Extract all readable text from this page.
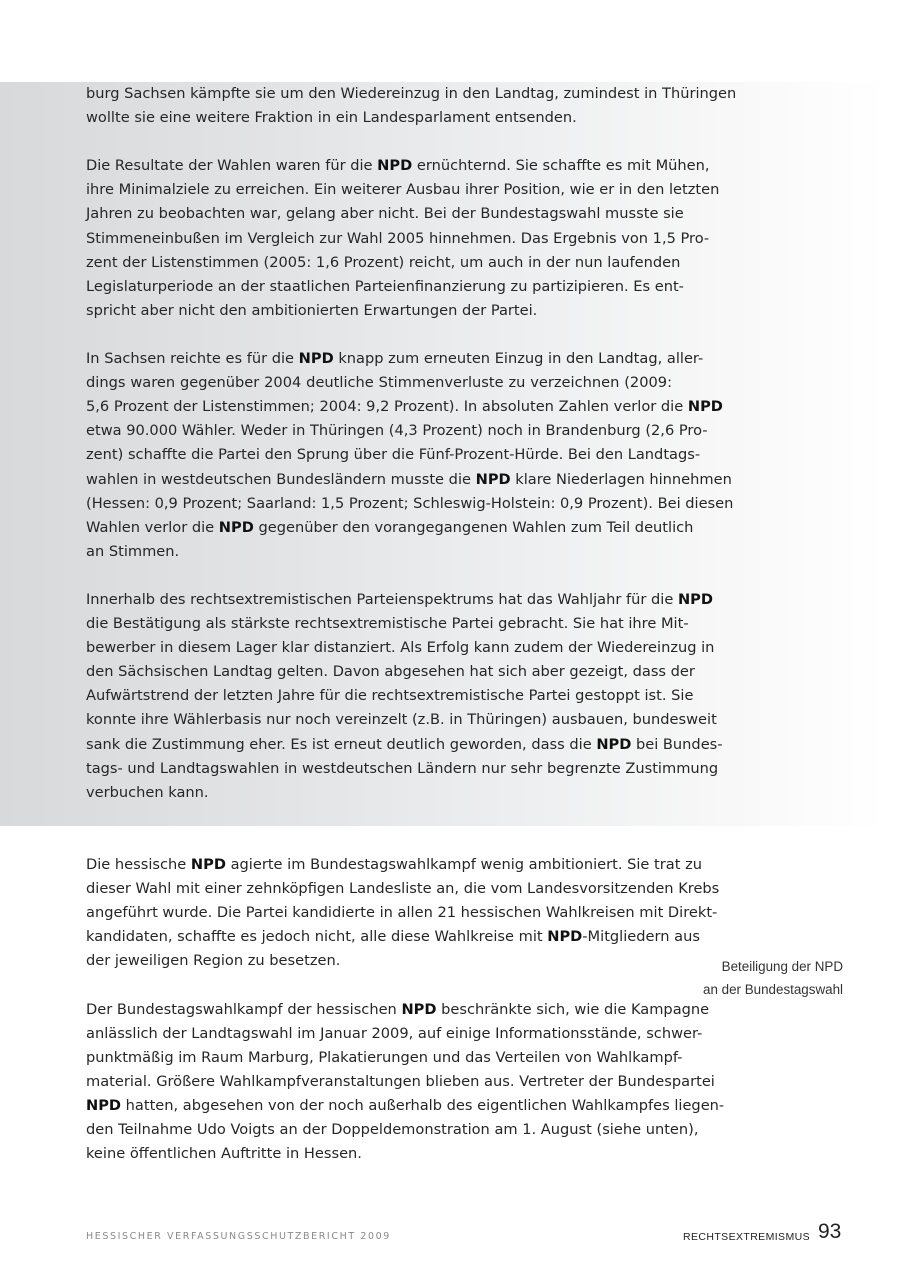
burg Sachsen kämpfte sie um den Wiedereinzug in den Landtag, zumindest in Thüringen
wollte sie eine weitere Fraktion in ein Landesparlament entsenden.
Die Resultate der Wahlen waren für die NPD ernüchternd. Sie schaffte es mit Mühen,
ihre Minimalziele zu erreichen. Ein weiterer Ausbau ihrer Position, wie er in den letzten
Jahren zu beobachten war, gelang aber nicht. Bei der Bundestagswahl musste sie
Stimmeneinbußen im Vergleich zur Wahl 2005 hinnehmen. Das Ergebnis von 1,5 Pro-
zent der Listenstimmen (2005: 1,6 Prozent) reicht, um auch in der nun laufenden
Legislaturperiode an der staatlichen Parteienfinanzierung zu partizipieren. Es ent-
spricht aber nicht den ambitionierten Erwartungen der Partei.
In Sachsen reichte es für die NPD knapp zum erneuten Einzug in den Landtag, aller-
dings waren gegenüber 2004 deutliche Stimmenverluste zu verzeichnen (2009:
5,6 Prozent der Listenstimmen; 2004: 9,2 Prozent). In absoluten Zahlen verlor die NPD
etwa 90.000 Wähler. Weder in Thüringen (4,3 Prozent) noch in Brandenburg (2,6 Pro-
zent) schaffte die Partei den Sprung über die Fünf-Prozent-Hürde. Bei den Landtags-
wahlen in westdeutschen Bundesländern musste die NPD klare Niederlagen hinnehmen
(Hessen: 0,9 Prozent; Saarland: 1,5 Prozent; Schleswig-Holstein: 0,9 Prozent). Bei diesen
Wahlen verlor die NPD gegenüber den vorangegangenen Wahlen zum Teil deutlich
an Stimmen.
Innerhalb des rechtsextremistischen Parteienspektrums hat das Wahljahr für die NPD
die Bestätigung als stärkste rechtsextremistische Partei gebracht. Sie hat ihre Mit-
bewerber in diesem Lager klar distanziert. Als Erfolg kann zudem der Wiedereinzug in
den Sächsischen Landtag gelten. Davon abgesehen hat sich aber gezeigt, dass der
Aufwärtstrend der letzten Jahre für die rechtsextremistische Partei gestoppt ist. Sie
konnte ihre Wählerbasis nur noch vereinzelt (z.B. in Thüringen) ausbauen, bundesweit
sank die Zustimmung eher. Es ist erneut deutlich geworden, dass die NPD bei Bundes-
tags- und Landtagswahlen in westdeutschen Ländern nur sehr begrenzte Zustimmung
verbuchen kann.
Die hessische NPD agierte im Bundestagswahlkampf wenig ambitioniert. Sie trat zu
dieser Wahl mit einer zehnköpfigen Landesliste an, die vom Landesvorsitzenden Krebs
angeführt wurde. Die Partei kandidierte in allen 21 hessischen Wahlkreisen mit Direkt-
kandidaten, schaffte es jedoch nicht, alle diese Wahlkreise mit NPD-Mitgliedern aus
der jeweiligen Region zu besetzen.
Der Bundestagswahlkampf der hessischen NPD beschränkte sich, wie die Kampagne
anlässlich der Landtagswahl im Januar 2009, auf einige Informationsstände, schwer-
punktmäßig im Raum Marburg, Plakatierungen und das Verteilen von Wahlkampf-
material. Größere Wahlkampfveranstaltungen blieben aus. Vertreter der Bundespartei
NPD hatten, abgesehen von der noch außerhalb des eigentlichen Wahlkampfes liegen-
den Teilnahme Udo Voigts an der Doppeldemonstration am 1. August (siehe unten),
keine öffentlichen Auftritte in Hessen.
Beteiligung der NPD
an der Bundestagswahl
HESSISCHER VERFASSUNGSSCHUTZBERICHT 2009	RECHTSEXTREMISMUS 93
